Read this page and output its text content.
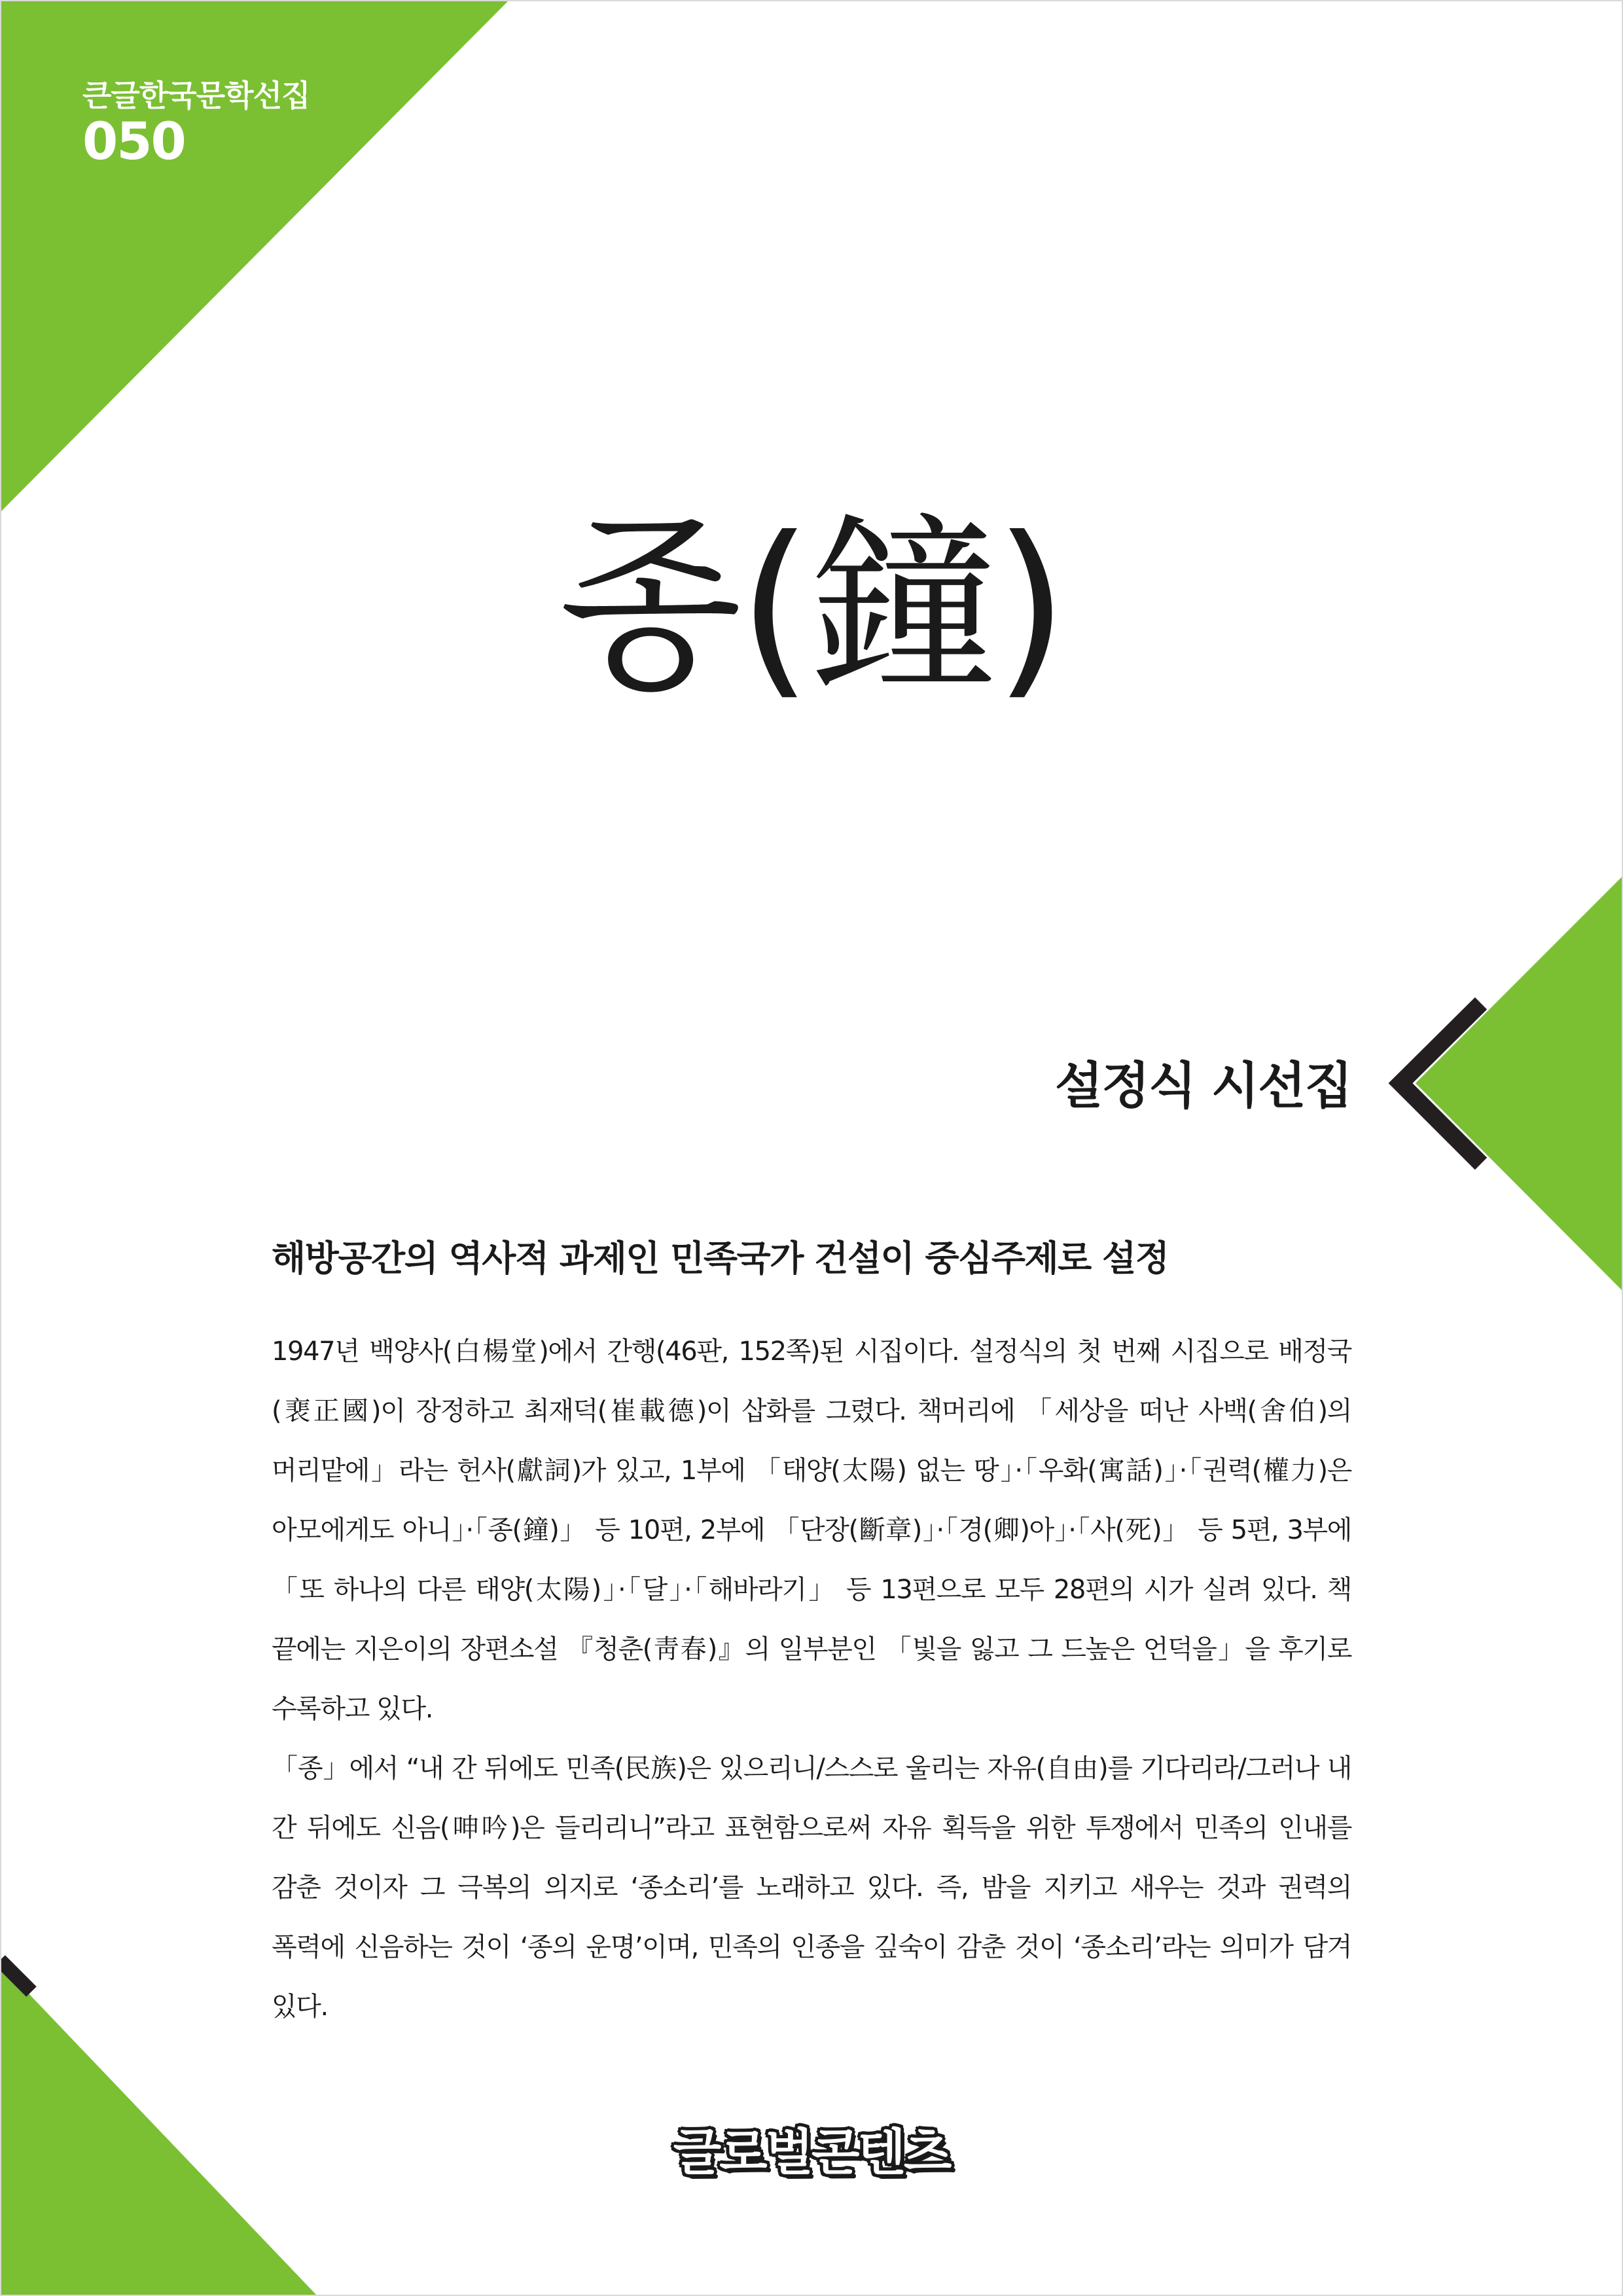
큰글한국문학선집
050
종(鐘)
설정식 시선집
해방공간의 역사적 과제인 민족국가 건설이 중심주제로 설정

1947년 백양사(白楊堂)에서 간행(46판, 152쪽)된 시집이다. 설정식의 첫 번째 시집으로 배정국(裵正國)이 장정하고 최재덕(崔載德)이 삽화를 그렸다. 책머리에 「세상을 떠난 사백(舍伯)의 머리맡에」라는 헌사(獻詞)가 있고, 1부에 「태양(太陽) 없는 땅」·「우화(寓話)」·「권력(權力)은 아모에게도 아니」·「종(鐘)」 등 10편, 2부에 「단장(斷章)」·「경(卿)아」·「사(死)」 등 5편, 3부에 「또 하나의 다른 태양(太陽)」·「달」·「해바라기」 등 13편으로 모두 28편의 시가 실려 있다. 책 끝에는 지은이의 장편소설 『청춘(靑春)』의 일부분인 「빛을 잃고 그 드높은 언덕을」을 후기로 수록하고 있다.

「종」에서 “내 간 뒤에도 민족(民族)은 있으리니/스스로 울리는 자유(自由)를 기다리라/그러나 내 간 뒤에도 신음(呻吟)은 들리리니”라고 표현함으로써 자유 획득을 위한 투쟁에서 민족의 인내를 감춘 것이자 그 극복의 의지로 ‘종소리’를 노래하고 있다. 즉, 밤을 지키고 새우는 것과 권력의 폭력에 신음하는 것이 ‘종의 운명’이며, 민족의 인종을 깊숙이 감춘 것이 ‘종소리’라는 의미가 담겨 있다.

글로벌콘텐츠
